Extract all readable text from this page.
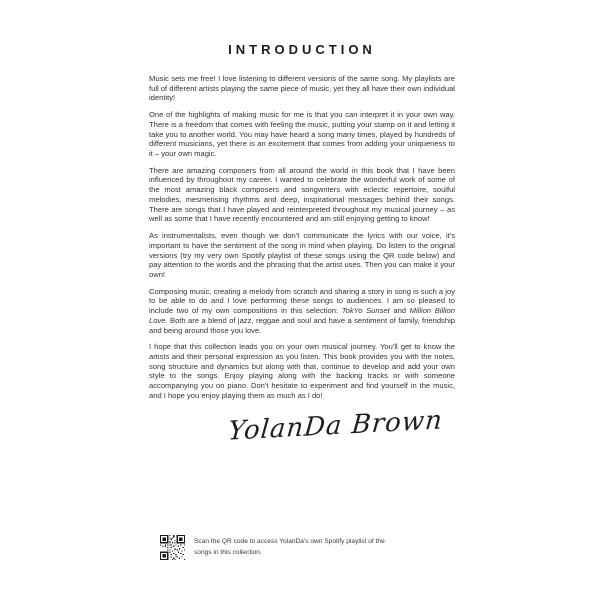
INTRODUCTION

Music sets me free! I love listening to different versions of the same song. My playlists are full of different artists playing the same piece of music, yet they all have their own individual identity!

One of the highlights of making music for me is that you can interpret it in your own way. There is a freedom that comes with feeling the music, putting your stamp on it and letting it take you to another world. You may have heard a song many times, played by hundreds of different musicians, yet there is an excitement that comes from adding your uniqueness to it – your own magic.

There are amazing composers from all around the world in this book that I have been influenced by throughout my career. I wanted to celebrate the wonderful work of some of the most amazing black composers and songwriters with eclectic repertoire, soulful melodies, mesmerising rhythms and deep, inspirational messages behind their songs. There are songs that I have played and reinterpreted throughout my musical journey – as well as some that I have recently encountered and am still enjoying getting to know!

As instrumentalists, even though we don't communicate the lyrics with our voice, it's important to have the sentiment of the song in mind when playing. Do listen to the original versions (try my very own Spotify playlist of these songs using the QR code below) and pay attention to the words and the phrasing that the artist uses. Then you can make it your own!

Composing music, creating a melody from scratch and sharing a story in song is such a joy to be able to do and I love performing these songs to audiences. I am so pleased to include two of my own compositions in this selection: TokYo Sunset and Million Billion Love. Both are a blend of jazz, reggae and soul and have a sentiment of family, friendship and being around those you love.

I hope that this collection leads you on your own musical journey. You'll get to know the artists and their personal expression as you listen. This book provides you with the notes, song structure and dynamics but along with that, continue to develop and add your own style to the songs. Enjoy playing along with the backing tracks or with someone accompanying you on piano. Don't hesitate to experiment and find yourself in the music, and I hope you enjoy playing them as much as I do!

YolanDa Brown

Scan the QR code to access YolanDa's own Spotify playlist of the songs in this collection.
